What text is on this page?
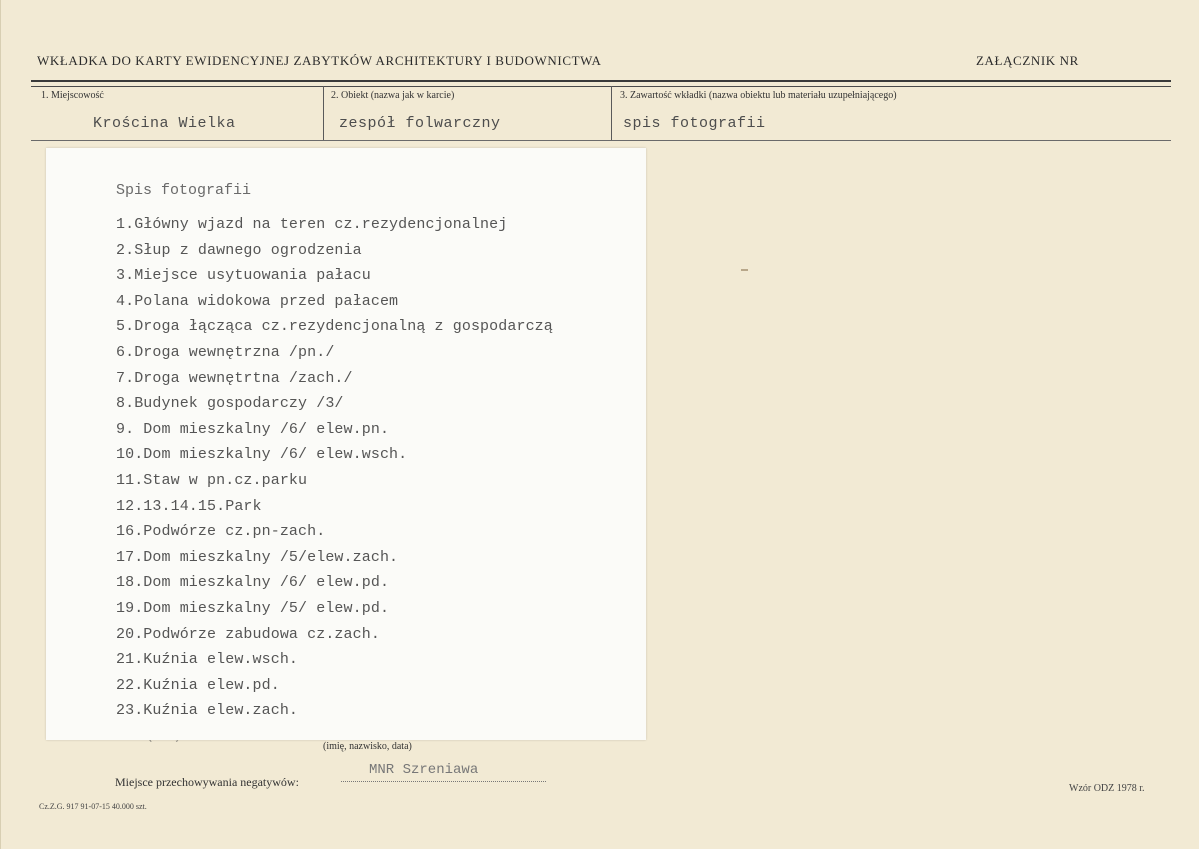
WKŁADKA DO KARTY EWIDENCYJNEJ ZABYTKÓW ARCHITEKTURY I BUDOWNICTWA	ZAŁĄCZNIK NR
1. Miejscowość
Krościna Wielka
2. Obiekt (nazwa jak w karcie)
zespół folwarczny
3. Zawartość wkładki (nazwa obiektu lub materiału uzupełniającego)
spis fotografii
(imię, nazwisko, data)
Spis fotografii
1.Główny wjazd na teren cz.rezydencjonalnej
2.Słup z dawnego ogrodzenia
3.Miejsce usytuowania pałacu
4.Polana widokowa przed pałacem
5.Droga łącząca cz.rezydencjonalną z gospodarczą
6.Droga wewnętrzna /pn./
7.Droga wewnętrtna /zach./
8.Budynek gospodarczy /3/
9. Dom mieszkalny /6/ elew.pn.
10.Dom mieszkalny /6/ elew.wsch.
11.Staw w pn.cz.parku
12.13.14.15.Park
16.Podwórze cz.pn-zach.
17.Dom mieszkalny /5/elew.zach.
18.Dom mieszkalny /6/ elew.pd.
19.Dom mieszkalny /5/ elew.pd.
20.Podwórze zabudowa cz.zach.
21.Kuźnia elew.wsch.
22.Kuźnia elew.pd.
23.Kuźnia elew.zach.
Miejsce przechowywania negatywów:
MNR Szreniawa
Cz.Z.G. 917 91-07-15 40.000 szt.
Wzór ODZ 1978 r.
